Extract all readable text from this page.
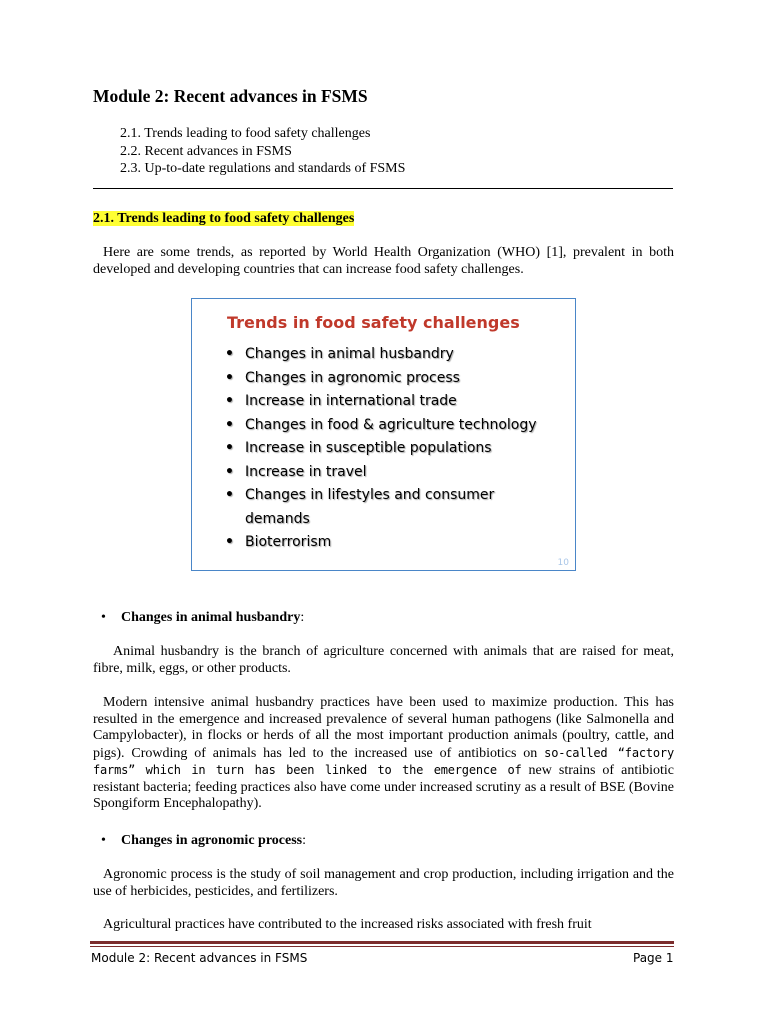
Module 2: Recent advances in FSMS
2.1. Trends leading to food safety challenges
2.2. Recent advances in FSMS
2.3. Up-to-date regulations and standards of FSMS
2.1. Trends leading to food safety challenges

Here are some trends, as reported by World Health Organization (WHO) [1], prevalent in both developed and developing countries that can increase food safety challenges.

Trends in food safety challenges

• Changes in animal husbandry
• Changes in agronomic process
• Increase in international trade
• Changes in food & agriculture technology
• Increase in susceptible populations
• Increase in travel
• Changes in lifestyles and consumer
demands
• Bioterrorism
10

• Changes in animal husbandry:

Animal husbandry is the branch of agriculture concerned with animals that are raised for meat, fibre, milk, eggs, or other products.

Modern intensive animal husbandry practices have been used to maximize production. This has resulted in the emergence and increased prevalence of several human pathogens (like Salmonella and Campylobacter), in flocks or herds of all the most important production animals (poultry, cattle, and pigs). Crowding of animals has led to the increased use of antibiotics on so-called “factory farms” which in turn has been linked to the emergence of new strains of antibiotic resistant bacteria; feeding practices also have come under increased scrutiny as a result of BSE (Bovine Spongiform Encephalopathy).

• Changes in agronomic process:

Agronomic process is the study of soil management and crop production, including irrigation and the use of herbicides, pesticides, and fertilizers.

Agricultural practices have contributed to the increased risks associated with fresh fruit

Module 2: Recent advances in FSMS	Page 1
